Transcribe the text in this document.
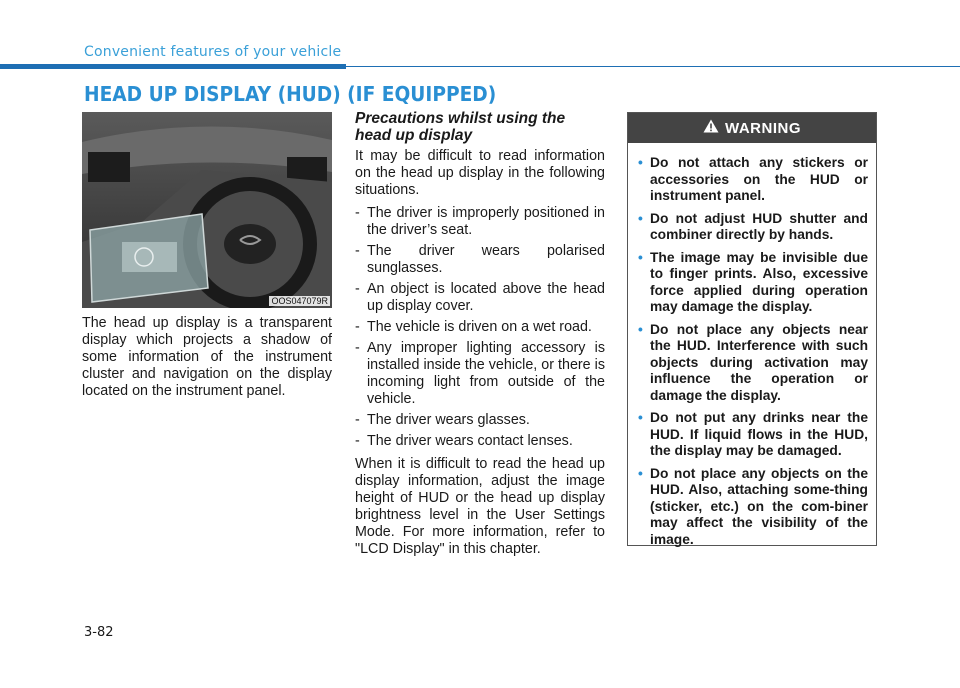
Convenient features of your vehicle
HEAD UP DISPLAY (HUD) (IF EQUIPPED)
OOS047079R

The head up display is a transparent display which projects a shadow of some information of the instrument cluster and navigation on the display located on the instrument panel.

Precautions whilst using the head up display

It may be difficult to read information on the head up display in the following situations.

- The driver is improperly positioned in the driver’s seat.
- The driver wears polarised sunglasses.
- An object is located above the head up display cover.
- The vehicle is driven on a wet road.
- Any improper lighting accessory is installed inside the vehicle, or there is incoming light from outside of the vehicle.
- The driver wears glasses.
- The driver wears contact lenses.

When it is difficult to read the head up display information, adjust the image height of HUD or the head up display brightness level in the User Settings Mode. For more information, refer to "LCD Display" in this chapter.

WARNING
• Do not attach any stickers or accessories on the HUD or instrument panel.
• Do not adjust HUD shutter and combiner directly by hands.
• The image may be invisible due to finger prints. Also, excessive force applied during operation may damage the display.
• Do not place any objects near the HUD. Interference with such objects during activation may influence the operation or damage the display.
• Do not put any drinks near the HUD. If liquid flows in the HUD, the display may be damaged.
• Do not place any objects on the HUD. Also, attaching some-thing (sticker, etc.) on the com-biner may affect the visibility of the image.
3-82
